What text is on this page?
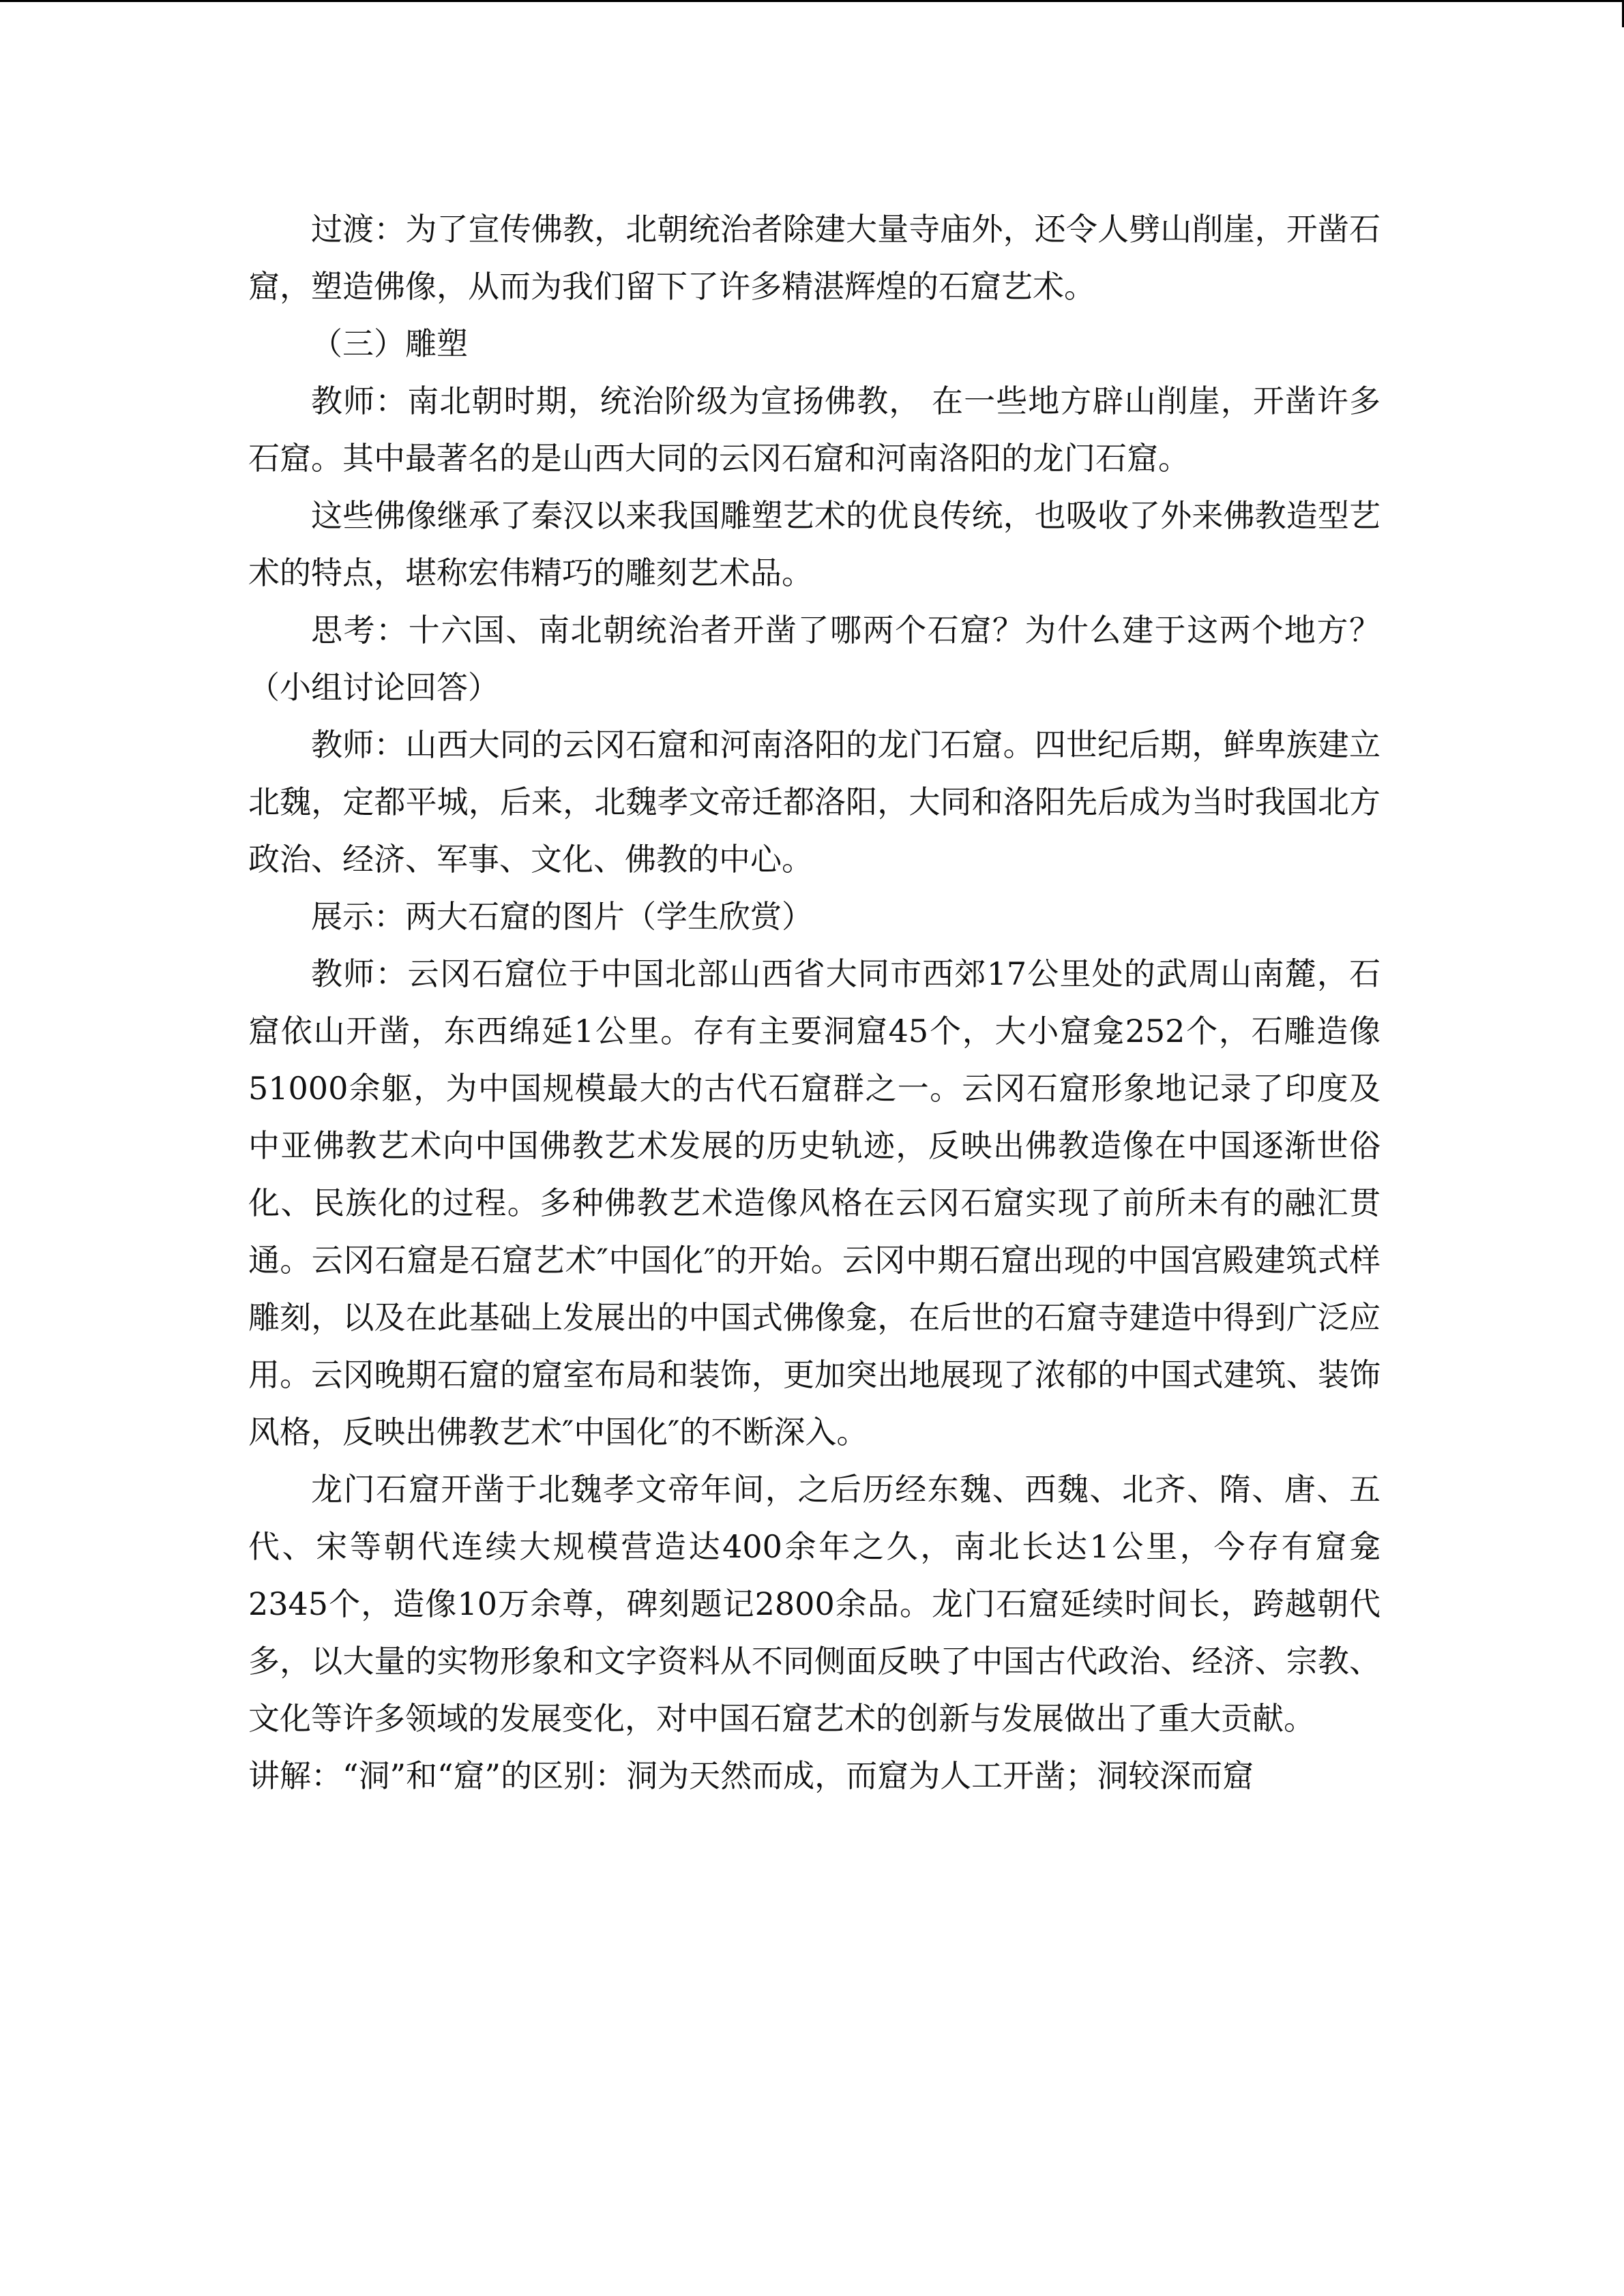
过渡：为了宣传佛教，北朝统治者除建大量寺庙外，还令人劈山削崖，开凿石窟，塑造佛像，从而为我们留下了许多精湛辉煌的石窟艺术。

（三）雕塑

教师：南北朝时期，统治阶级为宣扬佛教， 在一些地方辟山削崖，开凿许多石窟。其中最著名的是山西大同的云冈石窟和河南洛阳的龙门石窟。

这些佛像继承了秦汉以来我国雕塑艺术的优良传统，也吸收了外来佛教造型艺术的特点，堪称宏伟精巧的雕刻艺术品。

思考：十六国、南北朝统治者开凿了哪两个石窟？为什么建于这两个地方？（小组讨论回答）

教师：山西大同的云冈石窟和河南洛阳的龙门石窟。四世纪后期，鲜卑族建立北魏，定都平城，后来，北魏孝文帝迁都洛阳，大同和洛阳先后成为当时我国北方政治、经济、军事、文化、佛教的中心。

展示：两大石窟的图片（学生欣赏）

教师：云冈石窟位于中国北部山西省大同市西郊17公里处的武周山南麓，石窟依山开凿，东西绵延1公里。存有主要洞窟45个，大小窟龛252个，石雕造像51000余躯，为中国规模最大的古代石窟群之一。云冈石窟形象地记录了印度及中亚佛教艺术向中国佛教艺术发展的历史轨迹，反映出佛教造像在中国逐渐世俗化、民族化的过程。多种佛教艺术造像风格在云冈石窟实现了前所未有的融汇贯通。云冈石窟是石窟艺术″中国化″的开始。云冈中期石窟出现的中国宫殿建筑式样雕刻，以及在此基础上发展出的中国式佛像龛，在后世的石窟寺建造中得到广泛应用。云冈晚期石窟的窟室布局和装饰，更加突出地展现了浓郁的中国式建筑、装饰风格，反映出佛教艺术″中国化″的不断深入。

龙门石窟开凿于北魏孝文帝年间，之后历经东魏、西魏、北齐、隋、唐、五代、宋等朝代连续大规模营造达400余年之久，南北长达1公里，今存有窟龛2345个，造像10万余尊，碑刻题记2800余品。龙门石窟延续时间长，跨越朝代多，以大量的实物形象和文字资料从不同侧面反映了中国古代政治、经济、宗教、文化等许多领域的发展变化，对中国石窟艺术的创新与发展做出了重大贡献。

讲解：“洞”和“窟”的区别：洞为天然而成，而窟为人工开凿；洞较深而窟
